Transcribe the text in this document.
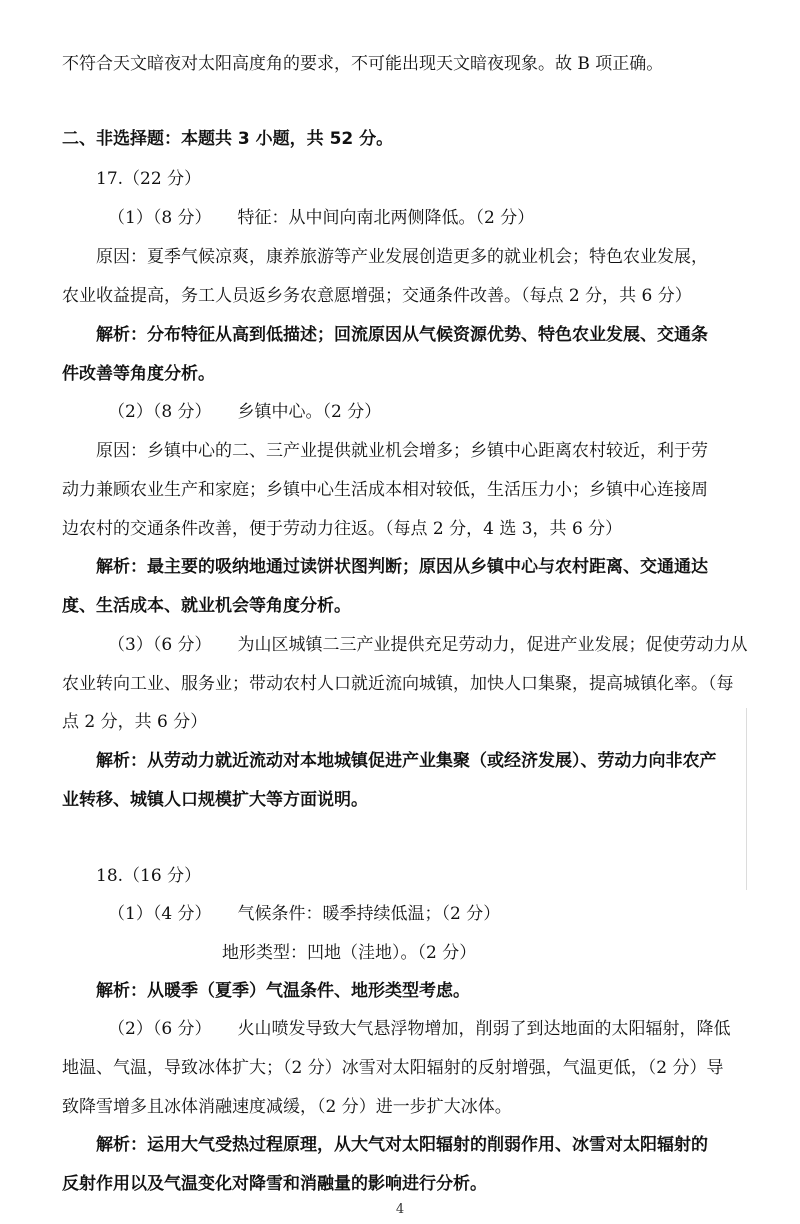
不符合天文暗夜对太阳高度角的要求，不可能出现天文暗夜现象。故 B 项正确。
二、非选择题：本题共 3 小题，共 52 分。
17.（22 分）
（1）（8 分） 特征：从中间向南北两侧降低。（2 分）
原因：夏季气候凉爽，康养旅游等产业发展创造更多的就业机会；特色农业发展，
农业收益提高，务工人员返乡务农意愿增强；交通条件改善。（每点 2 分，共 6 分）
解析：分布特征从高到低描述；回流原因从气候资源优势、特色农业发展、交通条
件改善等角度分析。
（2）（8 分） 乡镇中心。（2 分）
原因：乡镇中心的二、三产业提供就业机会增多；乡镇中心距离农村较近，利于劳
动力兼顾农业生产和家庭；乡镇中心生活成本相对较低，生活压力小；乡镇中心连接周
边农村的交通条件改善，便于劳动力往返。（每点 2 分，4 选 3，共 6 分）
解析：最主要的吸纳地通过读饼状图判断；原因从乡镇中心与农村距离、交通通达
度、生活成本、就业机会等角度分析。
（3）（6 分） 为山区城镇二三产业提供充足劳动力，促进产业发展；促使劳动力从
农业转向工业、服务业；带动农村人口就近流向城镇，加快人口集聚，提高城镇化率。（每
点 2 分，共 6 分）
解析：从劳动力就近流动对本地城镇促进产业集聚（或经济发展）、劳动力向非农产
业转移、城镇人口规模扩大等方面说明。
18.（16 分）
（1）（4 分） 气候条件：暖季持续低温；（2 分）
地形类型：凹地（洼地）。（2 分）
解析：从暖季（夏季）气温条件、地形类型考虑。
（2）（6 分） 火山喷发导致大气悬浮物增加，削弱了到达地面的太阳辐射，降低
地温、气温，导致冰体扩大；（2 分）冰雪对太阳辐射的反射增强，气温更低，（2 分）导
致降雪增多且冰体消融速度减缓，（2 分）进一步扩大冰体。
解析：运用大气受热过程原理，从大气对太阳辐射的削弱作用、冰雪对太阳辐射的
反射作用以及气温变化对降雪和消融量的影响进行分析。
4
